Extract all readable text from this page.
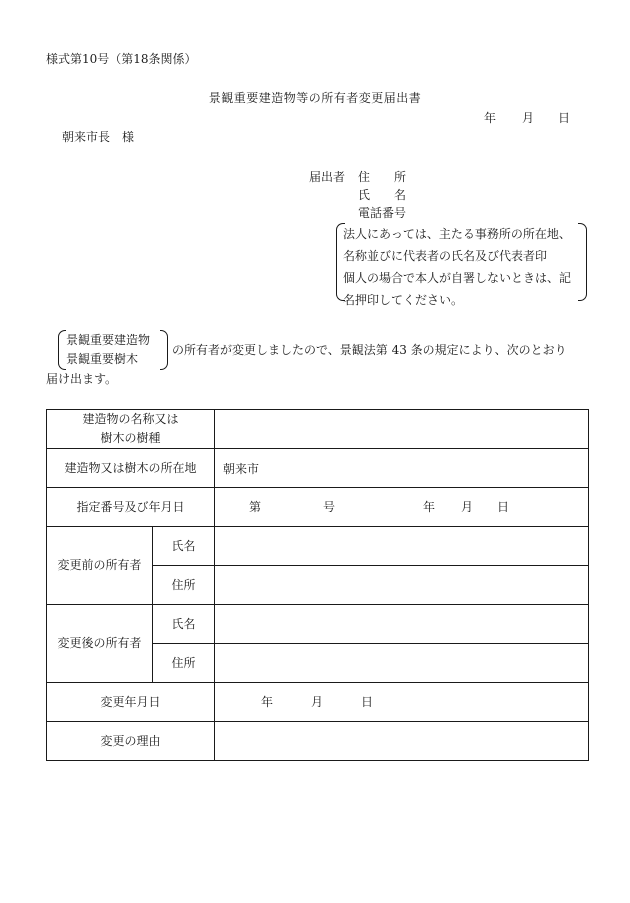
様式第10号（第18条関係）
景観重要建造物等の所有者変更届出書
年 月 日
朝来市長　様
届出者 住　　所
氏　　名
電話番号
法人にあっては、主たる事務所の所在地、
名称並びに代表者の氏名及び代表者印
個人の場合で本人が自署しないときは、記
名押印してください。
景観重要建造物
景観重要樹木
の所有者が変更しましたので、景観法第 43 条の規定により、次のとおり
届け出ます。
建造物の名称又は
樹木の樹種		

建造物又は樹木の所在地		朝来市
指定番号及び年月日		第 号 年 月 日

変更前の所有者	氏名	
	住所	
変更後の所有者	氏名	
	住所	
変更年月日		年 月 日

変更の理由		
